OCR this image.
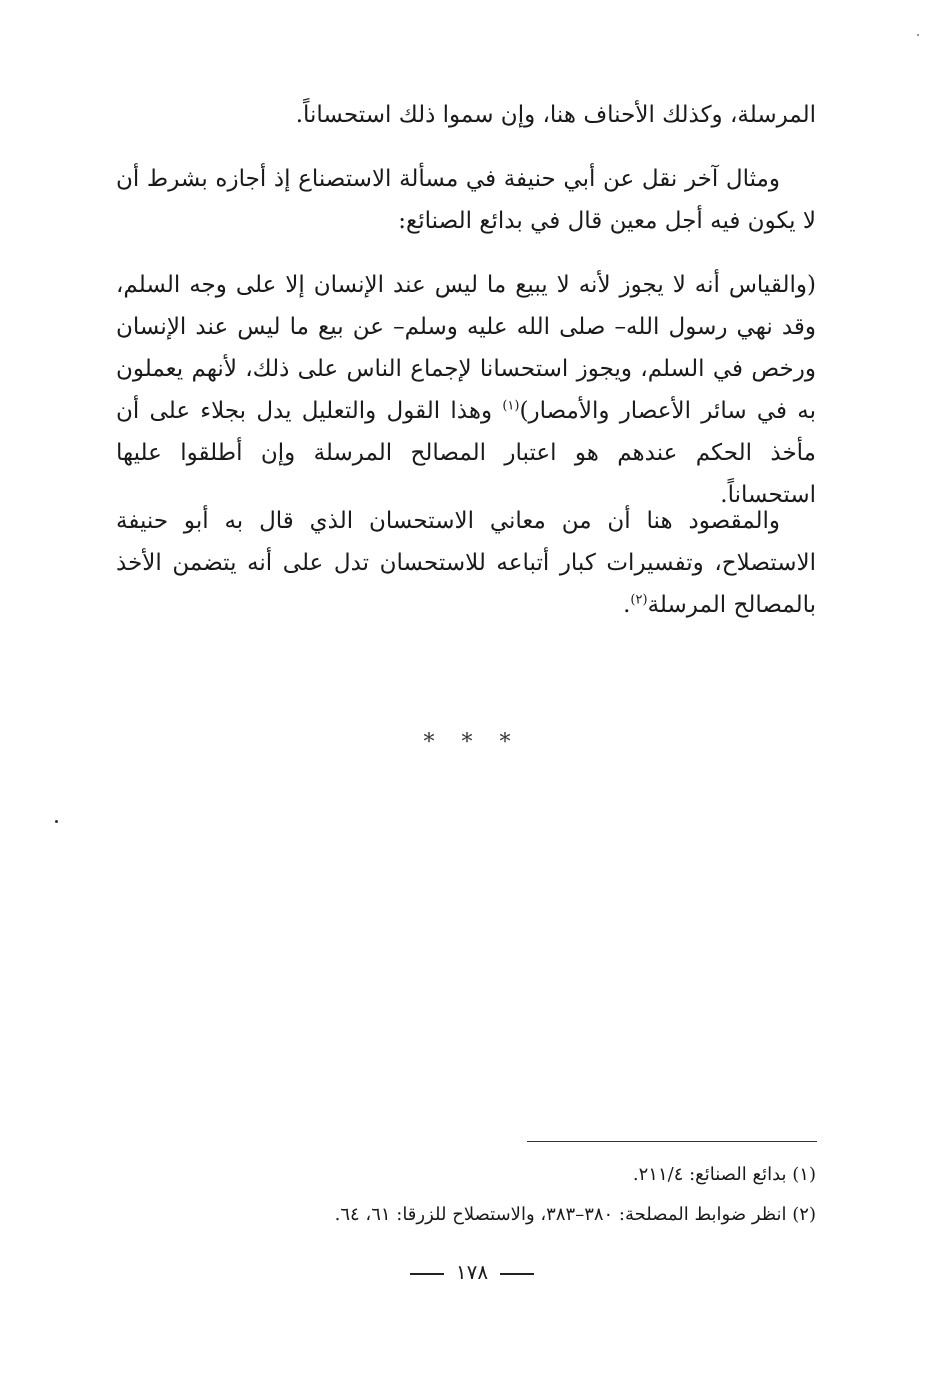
المرسلة، وكذلك الأحناف هنا، وإن سموا ذلك استحساناً.

ومثال آخر نقل عن أبي حنيفة في مسألة الاستصناع إذ أجازه بشرط أن لا يكون فيه أجل معين قال في بدائع الصنائع:

(والقياس أنه لا يجوز لأنه لا يبيع ما ليس عند الإنسان إلا على وجه السلم، وقد نهي رسول الله– صلى الله عليه وسلم– عن بيع ما ليس عند الإنسان ورخص في السلم، ويجوز استحسانا لإجماع الناس على ذلك، لأنهم يعملون به في سائر الأعصار والأمصار)$^{(١)}$ وهذا القول والتعليل يدل بجلاء على أن مأخذ الحكم عندهم هو اعتبار المصالح المرسلة وإن أطلقوا عليها استحساناً.

والمقصود هنا أن من معاني الاستحسان الذي قال به أبو حنيفة الاستصلاح، وتفسيرات كبار أتباعه للاستحسان تدل على أنه يتضمن الأخذ بالمصالح المرسلة$^{(٢)}$.

* * *
(١) بدائع الصنائع: ٢١١/٤.
(٢) انظر ضوابط المصلحة: ٣٨٠–٣٨٣، والاستصلاح للزرقا: ٦١، ٦٤.
١٧٨
